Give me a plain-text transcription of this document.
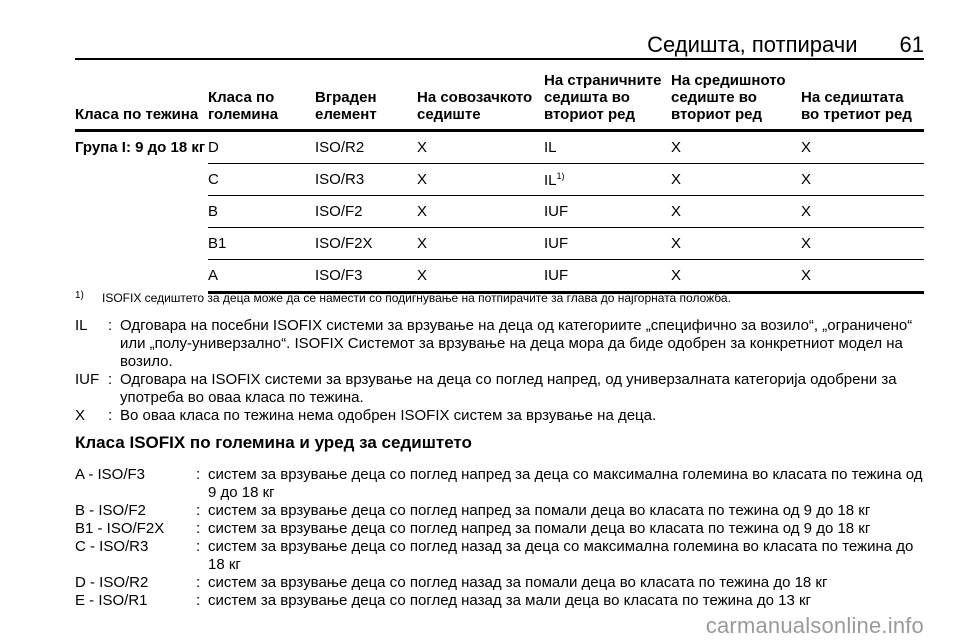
Седишта, потпирачи 61
Класа по тежина	Класа по големина	Вграден елемент	На совозачкото седиште	На страничните седишта во вториот ред	На средишното седиште во вториот ред	На седиштата во третиот ред
Група I: 9 до 18 кг	D	ISO/R2	X	IL	X	X
	C	ISO/R3	X	IL$^{1)}$	X	X
	B	ISO/F2	X	IUF	X	X
	B1	ISO/F2X	X	IUF	X	X
	A	ISO/F3	X	IUF	X	X
1) ISOFIX седиштето за деца може да се намести со подигнување на потпирачите за глава до најгорната положба.
IL	: Одговара на посебни ISOFIX системи за врзување на деца од категориите „специфично за возило“, „ограничено“ или „полу-универзално“. ISOFIX Системот за врзување на деца мора да биде одобрен за конкретниот модел на возило.
IUF : Одговара на ISOFIX системи за врзување на деца со поглед напред, од универзалната категорија одобрени за употреба во оваа класа по тежина.
X	: Во оваа класа по тежина нема одобрен ISOFIX систем за врзување на деца.
Класа ISOFIX по големина и уред за седиштето
A - ISO/F3	: систем за врзување деца со поглед напред за деца со максимална големина во класата по тежина од 9 до 18 кг
B - ISO/F2	: систем за врзување деца со поглед напред за помали деца во класата по тежина од 9 до 18 кг
B1 - ISO/F2X	: систем за врзување деца со поглед напред за помали деца во класата по тежина од 9 до 18 кг
C - ISO/R3	: систем за врзување деца со поглед назад за деца со максимална големина во класата по тежина до 18 кг
D - ISO/R2	: систем за врзување деца со поглед назад за помали деца во класата по тежина до 18 кг
E - ISO/R1	: систем за врзување деца со поглед назад за мали деца во класата по тежина до 13 кг
carmanualsonline.info
